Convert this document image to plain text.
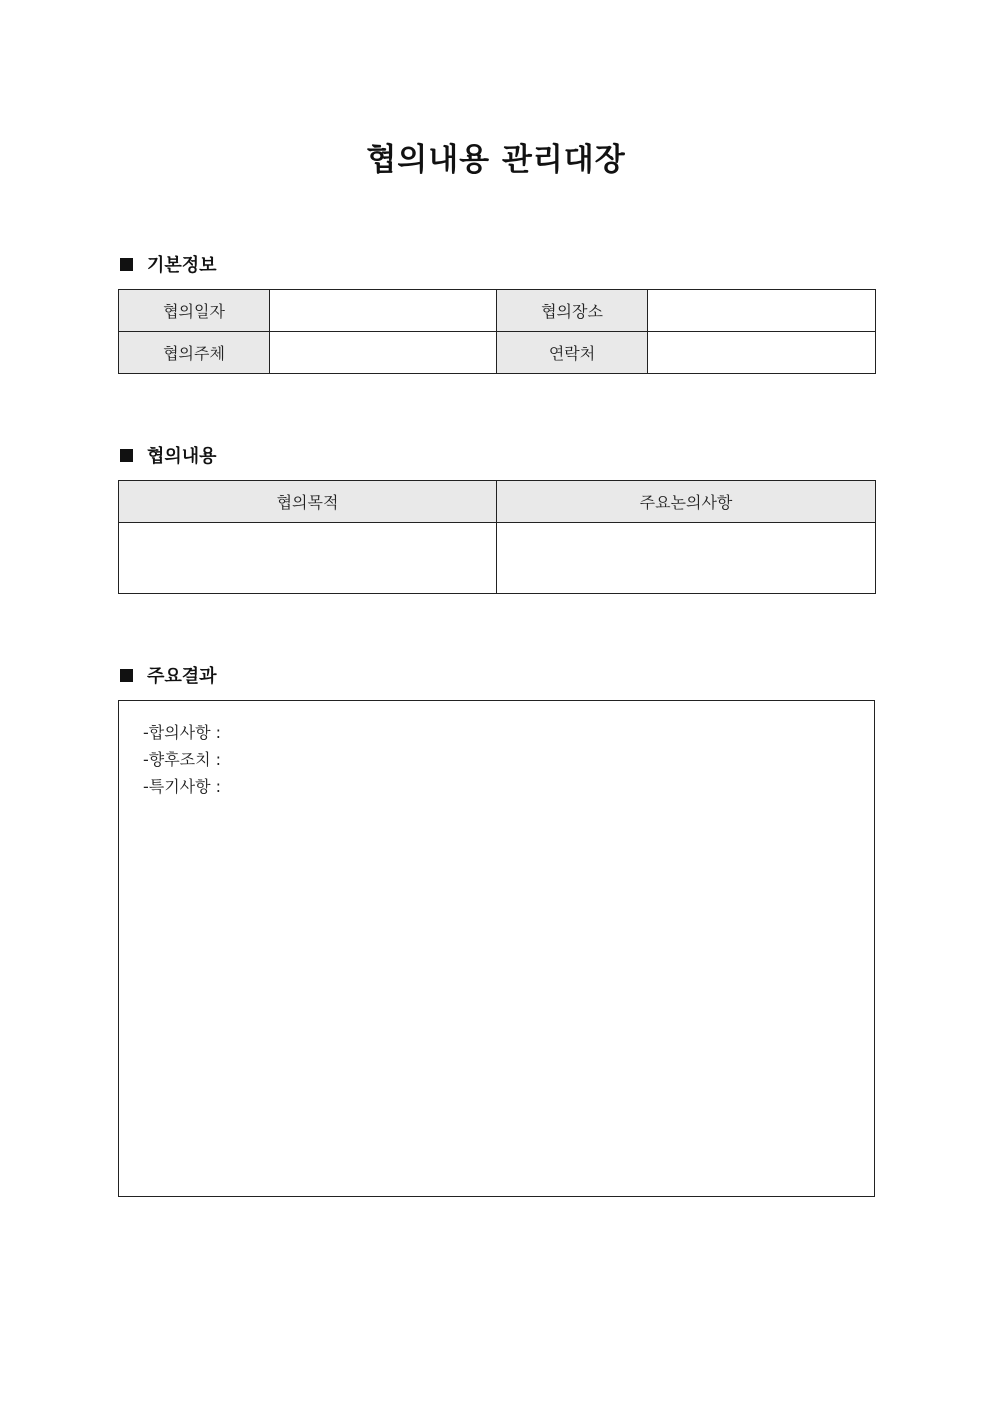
협의내용 관리대장
기본정보
협의일자		협의장소	
협의주체		연락처	
협의내용
협의목적	주요논의사항

주요결과
-합의사항 :
-향후조치 :
-특기사항 :
